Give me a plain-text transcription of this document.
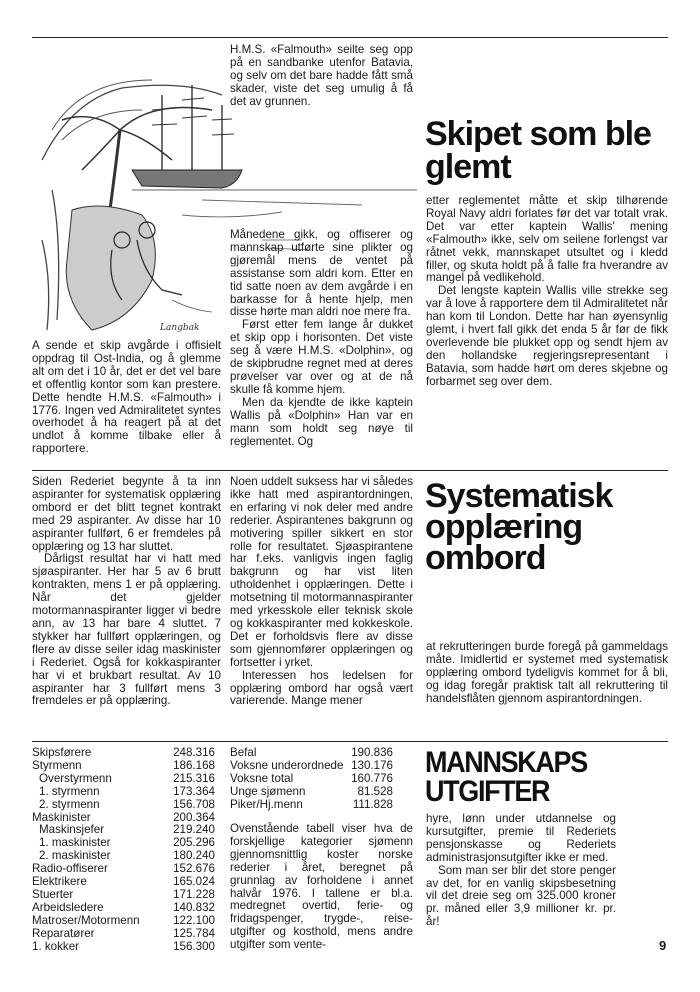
Langbak

H.M.S. «Falmouth» seilte seg opp på en sandbanke utenfor Batavia, og selv om det bare hadde fått små skader, viste det seg umulig å få det av grunnen.

Skipet som ble glemt

A sende et skip avgårde i offisielt oppdrag til Ost-India, og å glemme alt om det i 10 år, det er det vel bare et offentlig kontor som kan prestere. Dette hendte H.M.S. «Falmouth» i 1776. Ingen ved Admiralitetet syntes overhodet å ha reagert på at det undlot å komme tilbake eller å rapportere.

Månedene gikk, og offiserer og mannskap utførte sine plikter og gjøremål mens de ventet på assistanse som aldri kom. Etter en tid satte noen av dem avgårde i en barkasse for å hente hjelp, men disse hørte man aldri noe mere fra.

Først etter fem lange år dukket et skip opp i horisonten. Det viste seg å være H.M.S. «Dolphin», og de skipbrudne regnet med at deres prøvelser var over og at de nå skulle få komme hjem.

Men da kjendte de ikke kaptein Wallis på «Dolphin» Han var en mann som holdt seg nøye til reglementet. Og

etter reglementet måtte et skip tilhørende Royal Navy aldri forlates før det var totalt vrak. Det var etter kaptein Wallis' mening «Falmouth» ikke, selv om seilene forlengst var råtnet vekk, mannskapet utsultet og i kledd filler, og skuta holdt på å falle fra hverandre av mangel på vedlikehold.

Det lengste kaptein Wallis ville strekke seg var å love å rapportere dem til Admiralitetet når han kom til London. Dette har han øyensynlig glemt, i hvert fall gikk det enda 5 år før de fikk overlevende ble plukket opp og sendt hjem av den hollandske regjeringsrepresentant i Batavia, som hadde hørt om deres skjebne og forbarmet seg over dem.

Systematisk opplæring ombord

Siden Rederiet begynte å ta inn aspiranter for systematisk opplæring ombord er det blitt tegnet kontrakt med 29 aspiranter. Av disse har 10 aspiranter fullført, 6 er fremdeles på opplæring og 13 har sluttet.

Dårligst resultat har vi hatt med sjøaspiranter. Her har 5 av 6 brutt kontrakten, mens 1 er på opplæring. Når det gjelder motormannaspiranter ligger vi bedre ann, av 13 har bare 4 sluttet. 7 stykker har fullført opplæringen, og flere av disse seiler idag maskinister i Rederiet. Også for kokkaspiranter har vi et brukbart resultat. Av 10 aspiranter har 3 fullført mens 3 fremdeles er på opplæring.

Noen uddelt suksess har vi således ikke hatt med aspirantordningen, en erfaring vi nok deler med andre rederier. Aspirantenes bakgrunn og motivering spiller sikkert en stor rolle for resultatet. Sjøaspirantene har f.eks. vanligvis ingen faglig bakgrunn og har vist liten utholdenhet i opplæringen. Dette i motsetning til motormannaspiranter med yrkesskole eller teknisk skole og kokkaspiranter med kokkeskole. Det er forholdsvis flere av disse som gjennomfører opplæringen og fortsetter i yrket.

Interessen hos ledelsen for opplæring ombord har også vært varierende. Mange mener

at rekrutteringen burde foregå på gammeldags måte. Imidlertid er systemet med systematisk opplæring ombord tydeligvis kommet for å bli, og idag foregår praktisk talt all rekruttering til handelsflåten gjennom aspirantordningen.

MANNSKAPS UTGIFTER
Skipsførere	248.316
Styrmenn	186.168
Overstyrmenn	215.316
1. styrmenn	173.364
2. styrmenn	156.708
Maskinister	200.364
Maskinsjefer	219.240
1. maskinister	205.296
2. maskinister	180.240
Radio-offiserer	152.676
Elektrikere	165.024
Stuerter	171.228
Arbeidsledere	140.832
Matroser/Motormenn	122.100
Reparatører	125.784
1. kokker	156.300
Befal	190.836
Voksne underordnede	130.176
Voksne total	160.776
Unge sjømenn	81.528
Piker/Hj.menn	111.828

Ovenstående tabell viser hva de forskjellige kategorier sjømenn gjennomsnittlig koster norske rederier i året, beregnet på grunnlag av forholdene i annet halvår 1976. I tallene er bl.a. medregnet overtid, ferie- og fridagspenger, trygde-, reise-utgifter og kosthold, mens andre utgifter som vente-

hyre, lønn under utdannelse og kursutgifter, premie til Rederiets pensjonskasse og Rederiets administrasjonsutgifter ikke er med.

Som man ser blir det store penger av det, for en vanlig skipsbesetning vil det dreie seg om 325.000 kroner pr. måned eller 3,9 millioner kr. pr. år!

9
